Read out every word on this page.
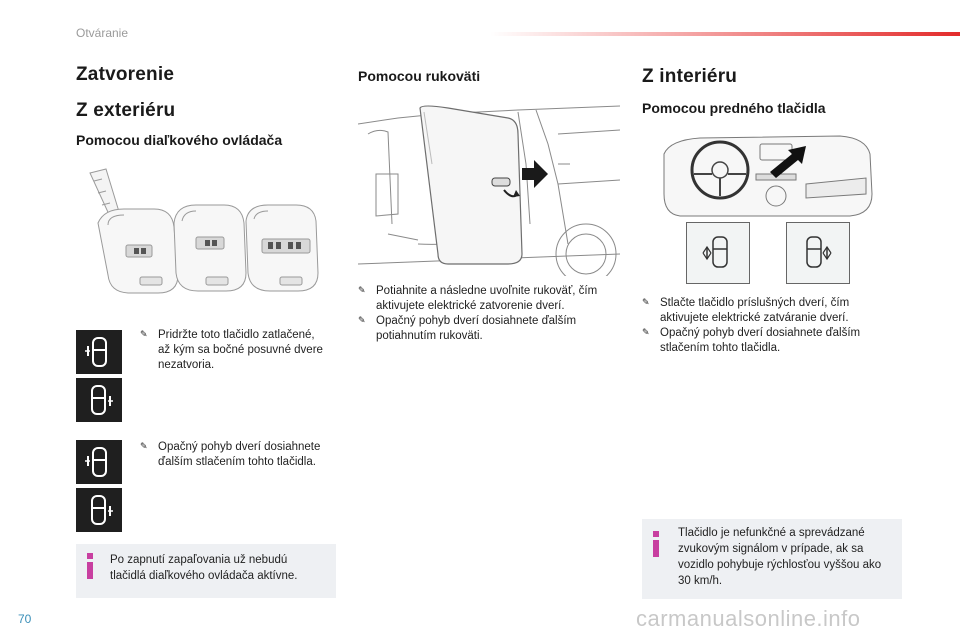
Otváranie
Zatvorenie
Z exteriéru
Pomocou diaľkového ovládača
✎ Pridržte toto tlačidlo zatlačené,
až kým sa bočné posuvné dvere
nezatvoria.
✎ Opačný pohyb dverí dosiahnete
ďalším stlačením tohto tlačidla.
Po zapnutí zapaľovania už nebudú
tlačidlá diaľkového ovládača aktívne.
Pomocou rukoväti
✎ Potiahnite a následne uvoľnite rukoväť, čím
aktivujete elektrické zatvorenie dverí.
✎ Opačný pohyb dverí dosiahnete ďalším
potiahnutím rukoväti.
Z interiéru
Pomocou predného tlačidla
✎ Stlačte tlačidlo príslušných dverí, čím
aktivujete elektrické zatváranie dverí.
✎ Opačný pohyb dverí dosiahnete ďalším
stlačením tohto tlačidla.
Tlačidlo je nefunkčné a sprevádzané
zvukovým signálom v prípade, ak sa
vozidlo pohybuje rýchlosťou vyššou ako
30 km/h.
70	carmanualsonline.info
